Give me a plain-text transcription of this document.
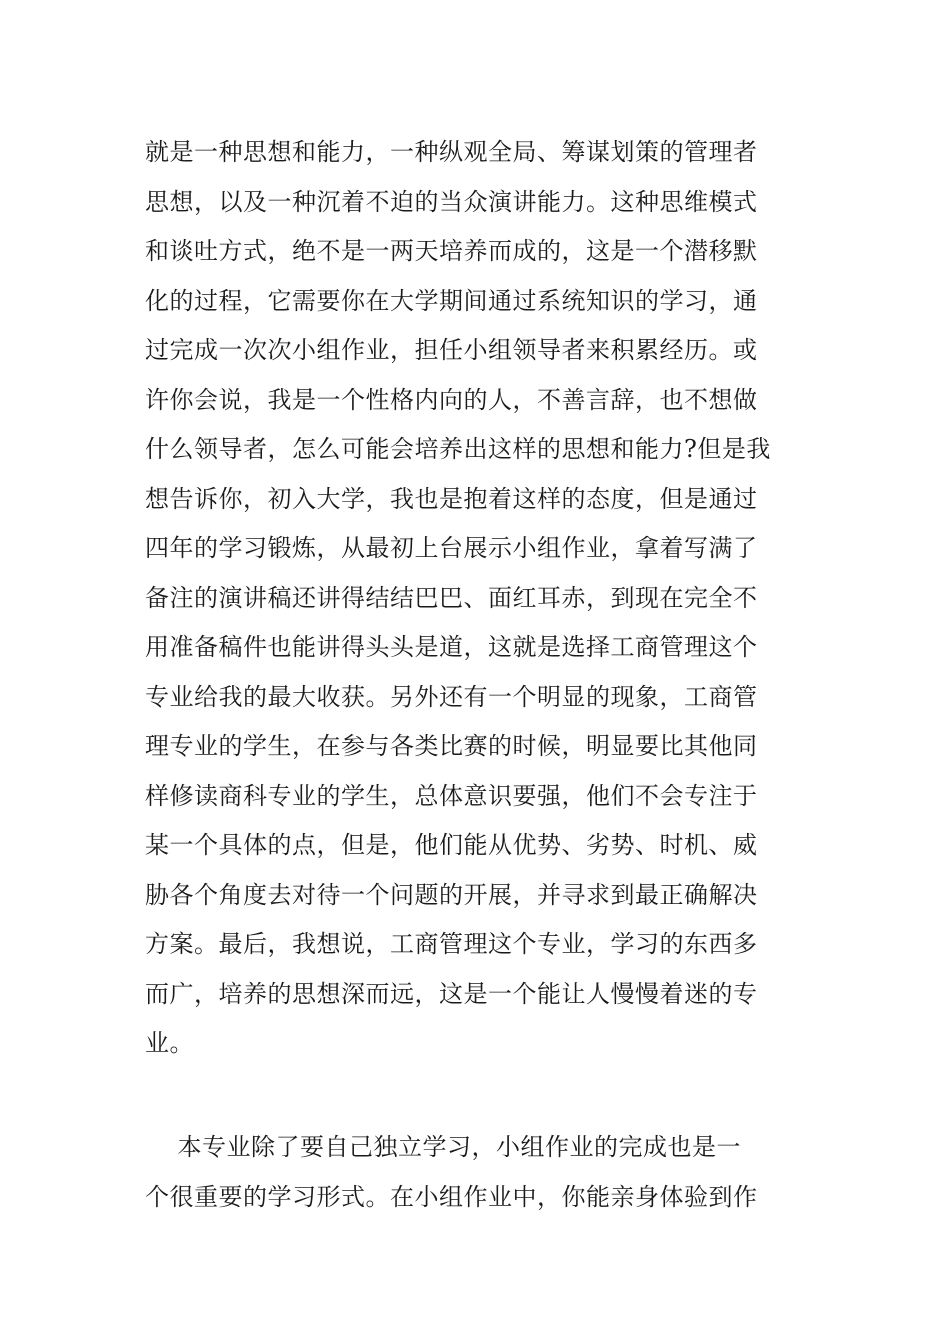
就是一种思想和能力，一种纵观全局、筹谋划策的管理者
思想，以及一种沉着不迫的当众演讲能力。这种思维模式
和谈吐方式，绝不是一两天培养而成的，这是一个潜移默
化的过程，它需要你在大学期间通过系统知识的学习，通
过完成一次次小组作业，担任小组领导者来积累经历。或
许你会说，我是一个性格内向的人，不善言辞，也不想做
什么领导者，怎么可能会培养出这样的思想和能力?但是我
想告诉你，初入大学，我也是抱着这样的态度，但是通过
四年的学习锻炼，从最初上台展示小组作业，拿着写满了
备注的演讲稿还讲得结结巴巴、面红耳赤，到现在完全不
用准备稿件也能讲得头头是道，这就是选择工商管理这个
专业给我的最大收获。另外还有一个明显的现象，工商管
理专业的学生，在参与各类比赛的时候，明显要比其他同
样修读商科专业的学生，总体意识要强，他们不会专注于
某一个具体的点，但是，他们能从优势、劣势、时机、威
胁各个角度去对待一个问题的开展，并寻求到最正确解决
方案。最后，我想说，工商管理这个专业，学习的东西多
而广，培养的思想深而远，这是一个能让人慢慢着迷的专
业。
本专业除了要自己独立学习，小组作业的完成也是一
个很重要的学习形式。在小组作业中，你能亲身体验到作
